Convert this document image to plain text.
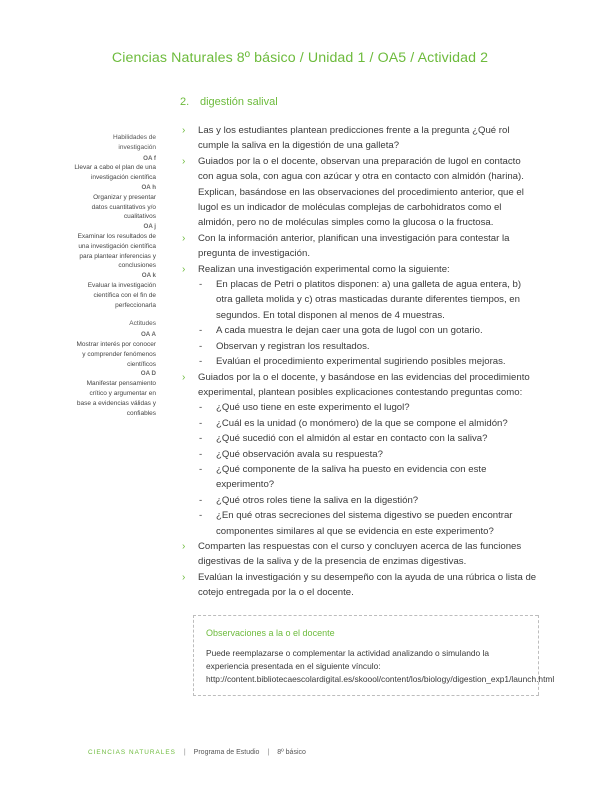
Ciencias Naturales 8º básico / Unidad 1 / OA5 / Actividad 2
2. digestión salival
Habilidades de
investigación
OA f
Llevar a cabo el plan de una
investigación científica
OA h
Organizar y presentar
datos cuantitativos y/o
cualitativos
OA j
Examinar los resultados de
una investigación científica
para plantear inferencias y
conclusiones
OA k
Evaluar la investigación
científica con el fin de
perfeccionarla
Actitudes
OA A
Mostrar interés por conocer
y comprender fenómenos
científicos
OA D
Manifestar pensamiento
crítico y argumentar en
base a evidencias válidas y
confiables
›
Las y los estudiantes plantean predicciones frente a la pregunta ¿Qué rol cumple la saliva en la digestión de una galleta?
›
Guiados por la o el docente, observan una preparación de lugol en contacto con agua sola, con agua con azúcar y otra en contacto con almidón (harina). Explican, basándose en las observaciones del procedimiento anterior, que el lugol es un indicador de moléculas complejas de carbohidratos como el almidón, pero no de moléculas simples como la glucosa o la fructosa.
›
Con la información anterior, planifican una investigación para contestar la pregunta de investigación.
›
Realizan una investigación experimental como la siguiente:
-
En placas de Petri o platitos disponen: a) una galleta de agua entera, b) otra galleta molida y c) otras masticadas durante diferentes tiempos, en segundos. En total disponen al menos de 4 muestras.
-
A cada muestra le dejan caer una gota de lugol con un gotario.
-
Observan y registran los resultados.
-
Evalúan el procedimiento experimental sugiriendo posibles mejoras.
›
Guiados por la o el docente, y basándose en las evidencias del procedimiento experimental, plantean posibles explicaciones contestando preguntas como:
-
¿Qué uso tiene en este experimento el lugol?
-
¿Cuál es la unidad (o monómero) de la que se compone el almidón?
-
¿Qué sucedió con el almidón al estar en contacto con la saliva?
-
¿Qué observación avala su respuesta?
-
¿Qué componente de la saliva ha puesto en evidencia con este experimento?
-
¿Qué otros roles tiene la saliva en la digestión?
-
¿En qué otras secreciones del sistema digestivo se pueden encontrar componentes similares al que se evidencia en este experimento?
›
Comparten las respuestas con el curso y concluyen acerca de las funciones digestivas de la saliva y de la presencia de enzimas digestivas.
›
Evalúan la investigación y su desempeño con la ayuda de una rúbrica o lista de cotejo entregada por la o el docente.
Observaciones a la o el docente
Puede reemplazarse o complementar la actividad analizando o simulando la experiencia presentada en el siguiente vínculo: http://content.bibliotecaescolardigital.es/skoool/content/los/biology/digestion_exp1/launch.html
CIENCIAS NATURALES | Programa de Estudio | 8º básico
